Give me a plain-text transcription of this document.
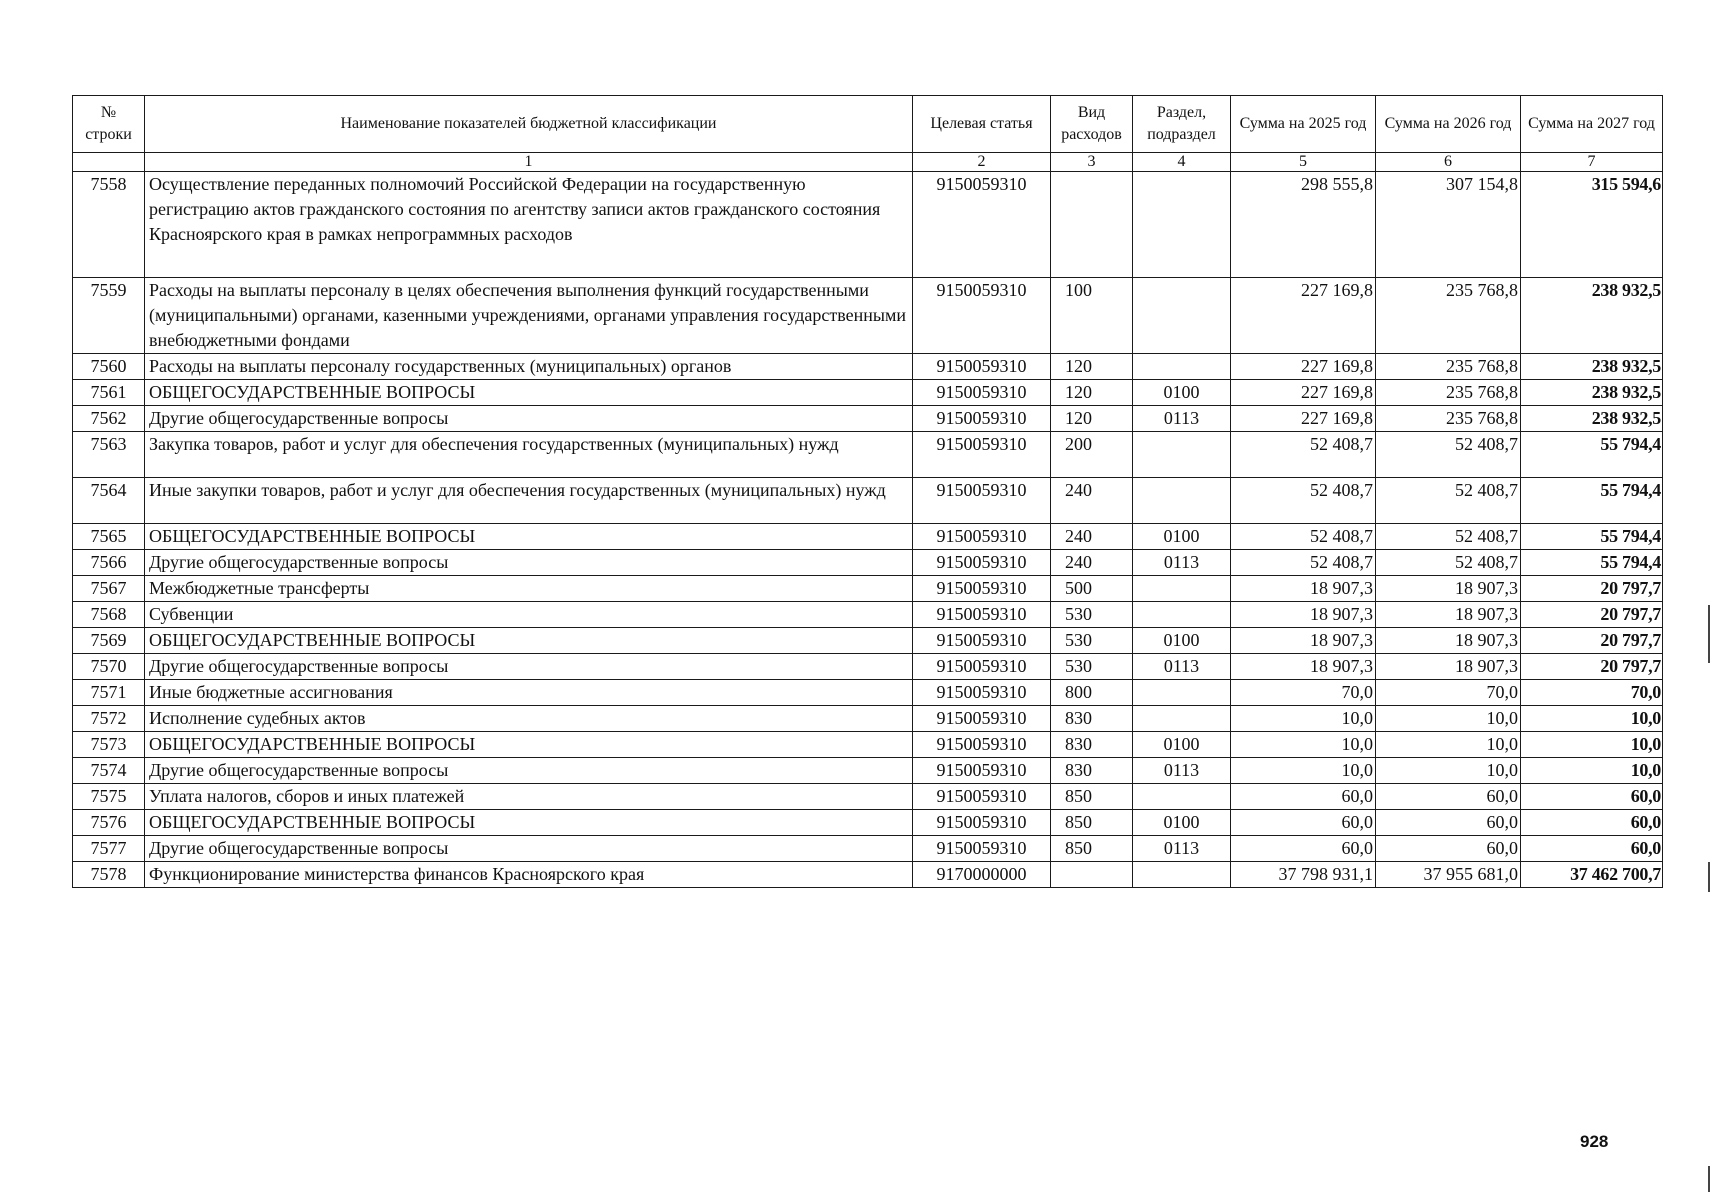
№ строки	Наименование показателей бюджетной классификации	Целевая статья	Вид расходов	Раздел, подраздел	Сумма на 2025 год	Сумма на 2026 год	Сумма на 2027 год
	1	2	3	4	5	6	7
7558	Осуществление переданных полномочий Российской Федерации на государственную регистрацию актов гражданского состояния по агентству записи актов гражданского состояния Красноярского края в рамках непрограммных расходов	9150059310			298 555,8	307 154,8	315 594,6
7559	Расходы на выплаты персоналу в целях обеспечения выполнения функций государственными (муниципальными) органами, казенными учреждениями, органами управления государственными внебюджетными фондами	9150059310	100		227 169,8	235 768,8	238 932,5
7560	Расходы на выплаты персоналу государственных (муниципальных) органов	9150059310	120		227 169,8	235 768,8	238 932,5
7561	ОБЩЕГОСУДАРСТВЕННЫЕ ВОПРОСЫ	9150059310	120	0100	227 169,8	235 768,8	238 932,5
7562	Другие общегосударственные вопросы	9150059310	120	0113	227 169,8	235 768,8	238 932,5
7563	Закупка товаров, работ и услуг для обеспечения государственных (муниципальных) нужд	9150059310	200		52 408,7	52 408,7	55 794,4
7564	Иные закупки товаров, работ и услуг для обеспечения государственных (муниципальных) нужд	9150059310	240		52 408,7	52 408,7	55 794,4
7565	ОБЩЕГОСУДАРСТВЕННЫЕ ВОПРОСЫ	9150059310	240	0100	52 408,7	52 408,7	55 794,4
7566	Другие общегосударственные вопросы	9150059310	240	0113	52 408,7	52 408,7	55 794,4
7567	Межбюджетные трансферты	9150059310	500		18 907,3	18 907,3	20 797,7
7568	Субвенции	9150059310	530		18 907,3	18 907,3	20 797,7
7569	ОБЩЕГОСУДАРСТВЕННЫЕ ВОПРОСЫ	9150059310	530	0100	18 907,3	18 907,3	20 797,7
7570	Другие общегосударственные вопросы	9150059310	530	0113	18 907,3	18 907,3	20 797,7
7571	Иные бюджетные ассигнования	9150059310	800		70,0	70,0	70,0
7572	Исполнение судебных актов	9150059310	830		10,0	10,0	10,0
7573	ОБЩЕГОСУДАРСТВЕННЫЕ ВОПРОСЫ	9150059310	830	0100	10,0	10,0	10,0
7574	Другие общегосударственные вопросы	9150059310	830	0113	10,0	10,0	10,0
7575	Уплата налогов, сборов и иных платежей	9150059310	850		60,0	60,0	60,0
7576	ОБЩЕГОСУДАРСТВЕННЫЕ ВОПРОСЫ	9150059310	850	0100	60,0	60,0	60,0
7577	Другие общегосударственные вопросы	9150059310	850	0113	60,0	60,0	60,0
7578	Функционирование министерства финансов Красноярского края	9170000000			37 798 931,1	37 955 681,0	37 462 700,7
928
